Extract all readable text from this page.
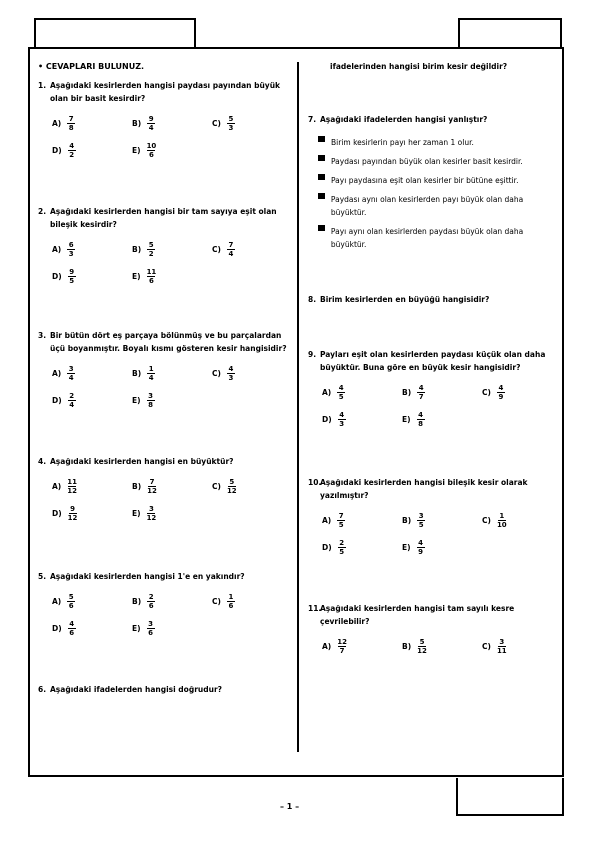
• CEVAPLARI BULUNUZ.
1. Aşağıdaki kesirlerden hangisi paydası payından büyük olan bir basit kesirdir?
$A) \frac{7}{8}$	$B) \frac{9}{4}$	$C) \frac{5}{3}$
$D) \frac{4}{2}$	$E) \frac{10}{6}$
2. Aşağıdaki kesirlerden hangisi bir tam sayıya eşit olan bileşik kesirdir?
$A) \frac{6}{3}$	$B) \frac{5}{2}$	$C) \frac{7}{4}$
$D) \frac{9}{5}$	$E) \frac{11}{6}$
3. Bir bütün dört eş parçaya bölünmüş ve bu parçalardan üçü boyanmıştır. Boyalı kısmı gösteren kesir hangisidir?
$A) \frac{3}{4}$	$B) \frac{1}{4}$	$C) \frac{4}{3}$
$D) \frac{2}{4}$	$E) \frac{3}{8}$
4. Aşağıdaki kesirlerden hangisi en büyüktür?
$A) \frac{11}{12}$	$B) \frac{7}{12}$	$C) \frac{5}{12}$
$D) \frac{9}{12}$	$E) \frac{3}{12}$
5. Aşağıdaki kesirlerden hangisi 1'e en yakındır?
$A) \frac{5}{6}$	$B) \frac{2}{6}$	$C) \frac{1}{6}$
$D) \frac{4}{6}$	$E) \frac{3}{6}$
6. Aşağıdaki ifadelerden hangisi doğrudur?
ifadelerinden hangisi birim kesir değildir?
7. Aşağıdaki ifadelerden hangisi yanlıştır?
Birim kesirlerin payı her zaman 1 olur.
Paydası payından büyük olan kesirler basit kesirdir.
Payı paydasına eşit olan kesirler bir bütüne eşittir.
Paydası aynı olan kesirlerden payı büyük olan daha büyüktür.
Payı aynı olan kesirlerden paydası büyük olan daha büyüktür.
8. Birim kesirlerden en büyüğü hangisidir?
9. Payları eşit olan kesirlerden paydası küçük olan daha büyüktür. Buna göre en büyük kesir hangisidir?
$A) \frac{4}{5}$	$B) \frac{4}{7}$	$C) \frac{4}{9}$
$D) \frac{4}{3}$	$E) \frac{4}{8}$
10.
Aşağıdaki kesirlerden hangisi bileşik kesir olarak yazılmıştır?
$A) \frac{7}{5}$	$B) \frac{3}{5}$	$C) \frac{1}{10}$
$D) \frac{2}{5}$	$E) \frac{4}{9}$
11.
Aşağıdaki kesirlerden hangisi tam sayılı kesre çevrilebilir?
$A) \frac{12}{7}$	$B) \frac{5}{12}$	$C) \frac{3}{11}$
– 1 –
